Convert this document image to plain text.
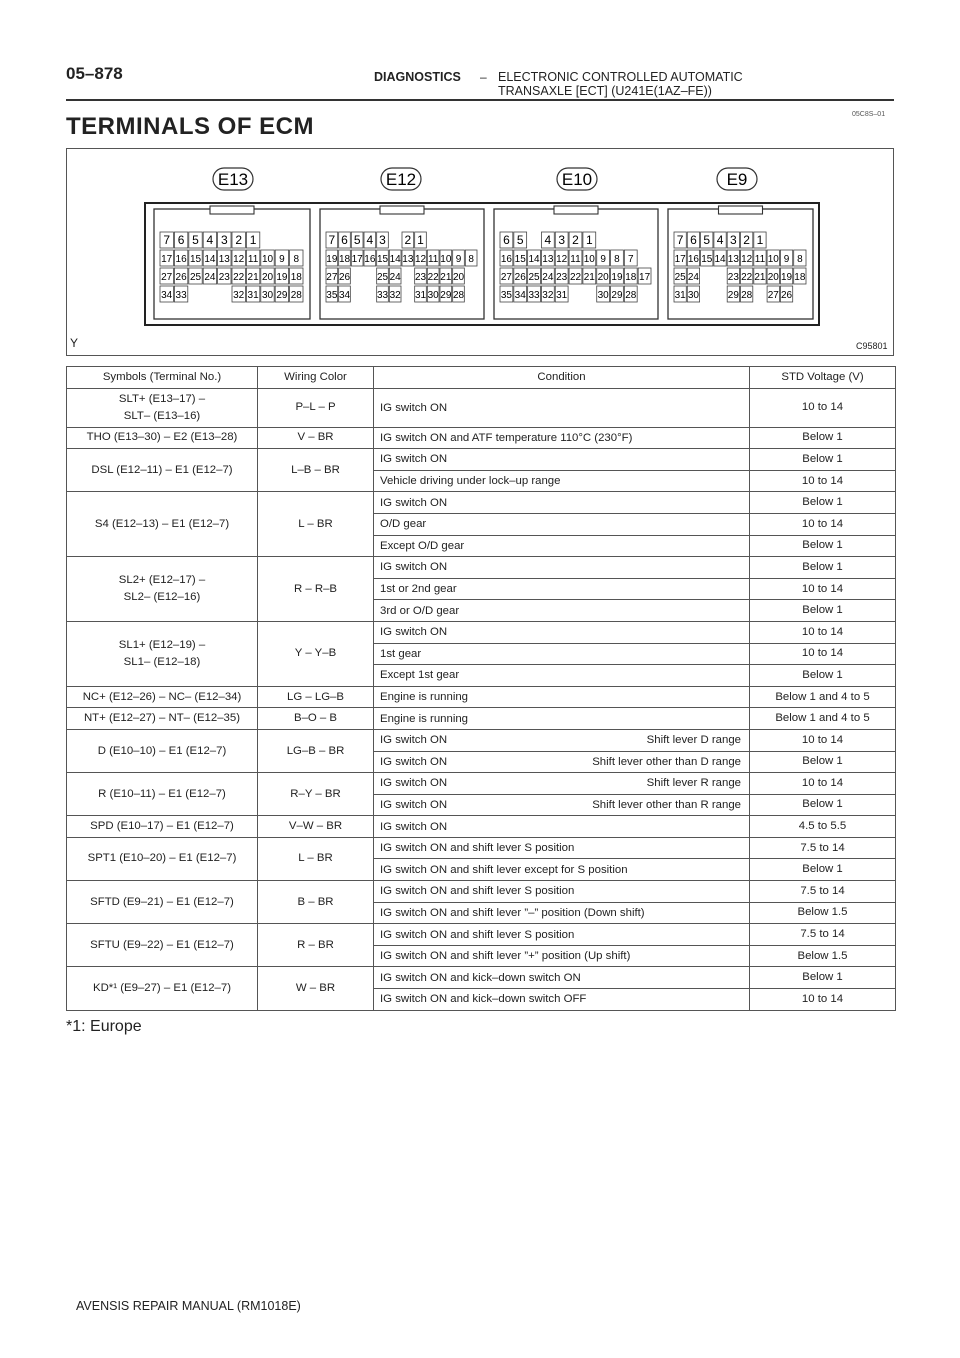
05–878	DIAGNOSTICS – ELECTRONIC CONTROLLED AUTOMATIC
TRANSAXLE [ECT] (U241E(1AZ–FE))
TERMINALS OF ECM	05C8S–01
E13
7 6 5 4 3 2 1
17 16 15 14 13 12 11 10 9 8
27 26 25 24 23 22 21 20 19 18
34 33	32 31 30 29 28
E12
7 6 5 4 3 2 1
19 18 17 16 15 14 13 12 11 10 9 8
27 26	25 24 23 22 21 20
35 34	33 32 31 30 29 28
E10
6 5 4 3 2 1
16 15 14 13 12 11 10 9 8 7
27 26 25 24 23 22 21 20 19 18 17
35 34 33 32 31	30 29 28
E9
7 6 5 4 3 2 1
17 16 15 14 13 12 11 10 9 8
25 24	23 22 21 20 19 18
31 30	29 28 27 26
Y	C95801
Symbols (Terminal No.)	Wiring Color	Condition	STD Voltage (V)
SLT+ (E13–17) –
SLT– (E13–16)	P–L – P	IG switch ON	10 to 14
THO (E13–30) – E2 (E13–28)	V – BR	IG switch ON and ATF temperature 110°C (230°F)	Below 1
DSL (E12–11) – E1 (E12–7)	L–B – BR	IG switch ON	Below 1

		Vehicle driving under lock–up range	10 to 14
S4 (E12–13) – E1 (E12–7)	L – BR	IG switch ON	Below 1

		O/D gear	10 to 14

		Except O/D gear	Below 1
SL2+ (E12–17) –
SL2– (E12–16)	R – R–B	IG switch ON	Below 1

		1st or 2nd gear	10 to 14

		3rd or O/D gear	Below 1
SL1+ (E12–19) –
SL1– (E12–18)	Y – Y–B	IG switch ON	10 to 14

		1st gear	10 to 14

		Except 1st gear	Below 1
NC+ (E12–26) – NC– (E12–34)	LG – LG–B	Engine is running	Below 1 and 4 to 5
NT+ (E12–27) – NT– (E12–35)	B–O – B	Engine is running	Below 1 and 4 to 5
D (E10–10) – E1 (E12–7)	LG–B – BR	IG switch ON Shift lever D range	10 to 14

		IG switch ON Shift lever other than D range	Below 1
R (E10–11) – E1 (E12–7)	R–Y – BR	IG switch ON Shift lever R range	10 to 14

		IG switch ON Shift lever other than R range	Below 1
SPD (E10–17) – E1 (E12–7)	V–W – BR	IG switch ON	4.5 to 5.5
SPT1 (E10–20) – E1 (E12–7)	L – BR	IG switch ON and shift lever S position	7.5 to 14

		IG switch ON and shift lever except for S position	Below 1
SFTD (E9–21) – E1 (E12–7)	B – BR	IG switch ON and shift lever S position	7.5 to 14

		IG switch ON and shift lever ”–” position (Down shift)	Below 1.5
SFTU (E9–22) – E1 (E12–7)	R – BR	IG switch ON and shift lever S position	7.5 to 14

		IG switch ON and shift lever ”+” position (Up shift)	Below 1.5
KD*¹ (E9–27) – E1 (E12–7)	W – BR	IG switch ON and kick–down switch ON	Below 1

		IG switch ON and kick–down switch OFF	10 to 14
*1: Europe
AVENSIS REPAIR MANUAL (RM1018E)
